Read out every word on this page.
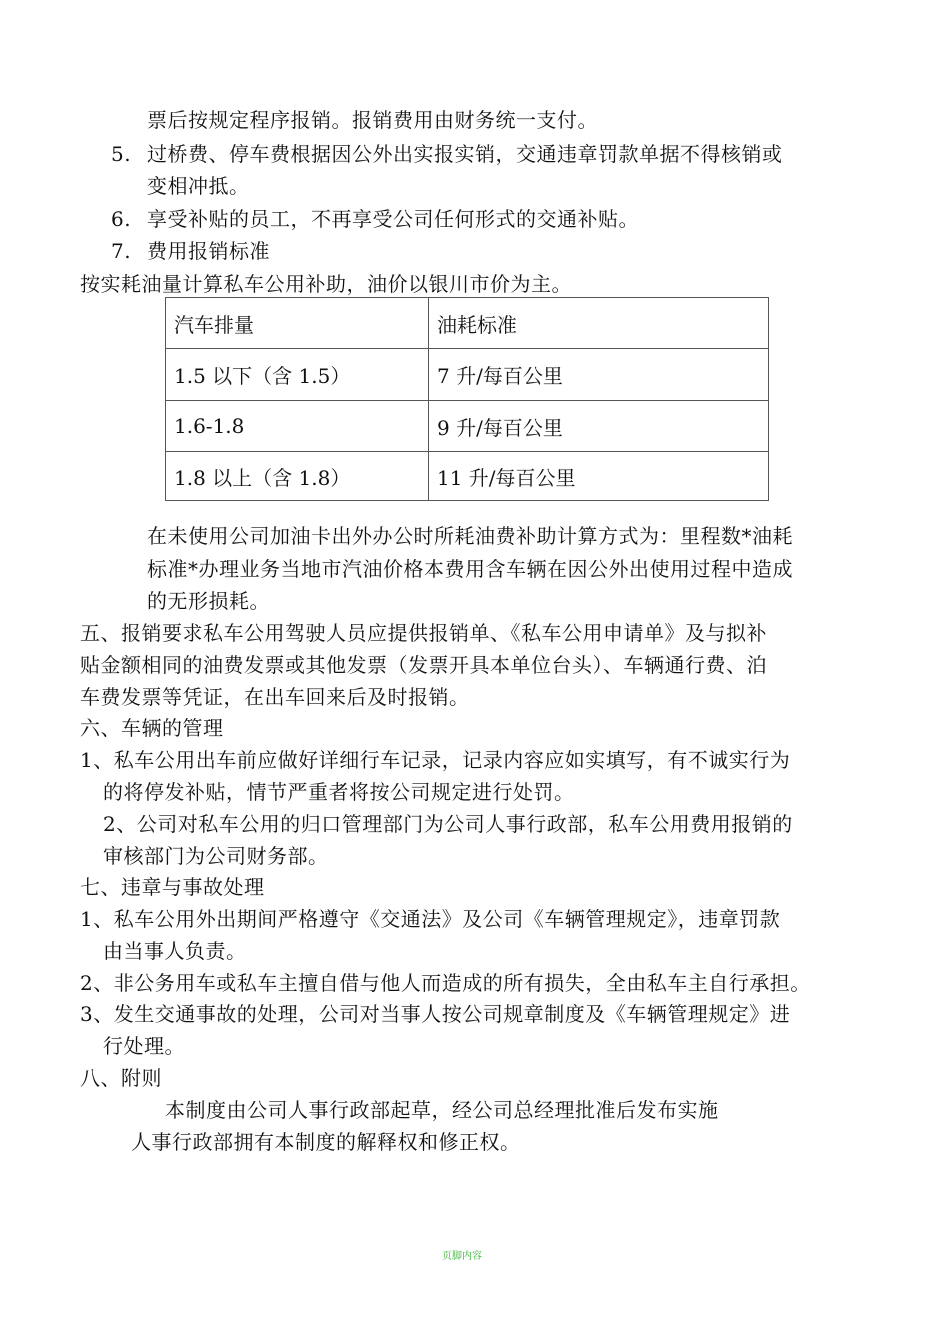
票后按规定程序报销。报销费用由财务统一支付。
5. 过桥费、停车费根据因公外出实报实销，交通违章罚款单据不得核销或
变相冲抵。
6. 享受补贴的员工，不再享受公司任何形式的交通补贴。
7. 费用报销标准
按实耗油量计算私车公用补助，油价以银川市价为主。
汽车排量	油耗标准
1.5 以下（含 1.5）	7 升/每百公里
1.6-1.8	9 升/每百公里
1.8 以上（含 1.8）	11 升/每百公里
在未使用公司加油卡出外办公时所耗油费补助计算方式为：里程数*油耗
标准*办理业务当地市汽油价格本费用含车辆在因公外出使用过程中造成
的无形损耗。
五、报销要求私车公用驾驶人员应提供报销单、《私车公用申请单》及与拟补
贴金额相同的油费发票或其他发票（发票开具本单位台头）、车辆通行费、泊
车费发票等凭证，在出车回来后及时报销。
六、车辆的管理
1、私车公用出车前应做好详细行车记录，记录内容应如实填写，有不诚实行为
的将停发补贴，情节严重者将按公司规定进行处罚。
2、公司对私车公用的归口管理部门为公司人事行政部，私车公用费用报销的
审核部门为公司财务部。
七、违章与事故处理
1、私车公用外出期间严格遵守《交通法》及公司《车辆管理规定》，违章罚款
由当事人负责。
2、非公务用车或私车主擅自借与他人而造成的所有损失，全由私车主自行承担。
3、发生交通事故的处理，公司对当事人按公司规章制度及《车辆管理规定》进
行处理。
八、附则
本制度由公司人事行政部起草，经公司总经理批准后发布实施
人事行政部拥有本制度的解释权和修正权。
页脚内容
